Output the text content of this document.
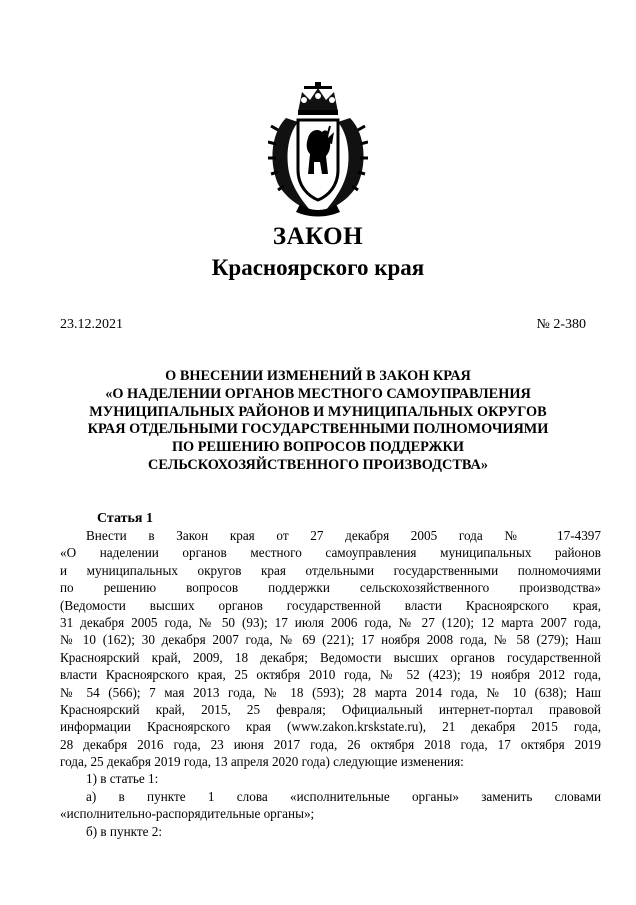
ЗАКОН
Красноярского края
23.12.2021	№ 2-380
О ВНЕСЕНИИ ИЗМЕНЕНИЙ В ЗАКОН КРАЯ
«О НАДЕЛЕНИИ ОРГАНОВ МЕСТНОГО САМОУПРАВЛЕНИЯ
МУНИЦИПАЛЬНЫХ РАЙОНОВ И МУНИЦИПАЛЬНЫХ ОКРУГОВ
КРАЯ ОТДЕЛЬНЫМИ ГОСУДАРСТВЕННЫМИ ПОЛНОМОЧИЯМИ
ПО РЕШЕНИЮ ВОПРОСОВ ПОДДЕРЖКИ
СЕЛЬСКОХОЗЯЙСТВЕННОГО ПРОИЗВОДСТВА»
Статья 1
Внести в Закон края от 27 декабря 2005 года № 17-4397
«О наделении органов местного самоуправления муниципальных районов
и муниципальных округов края отдельными государственными полномочиями
по решению вопросов поддержки сельскохозяйственного производства»
(Ведомости высших органов государственной власти Красноярского края,
31 декабря 2005 года, № 50 (93); 17 июля 2006 года, № 27 (120); 12 марта 2007 года,
№ 10 (162); 30 декабря 2007 года, № 69 (221); 17 ноября 2008 года, № 58 (279); Наш
Красноярский край, 2009, 18 декабря; Ведомости высших органов государственной
власти Красноярского края, 25 октября 2010 года, № 52 (423); 19 ноября 2012 года,
№ 54 (566); 7 мая 2013 года, № 18 (593); 28 марта 2014 года, № 10 (638); Наш
Красноярский край, 2015, 25 февраля; Официальный интернет-портал правовой
информации Красноярского края (www.zakon.krskstate.ru), 21 декабря 2015 года,
28 декабря 2016 года, 23 июня 2017 года, 26 октября 2018 года, 17 октября 2019
года, 25 декабря 2019 года, 13 апреля 2020 года) следующие изменения:
1) в статье 1:
а) в пункте 1 слова «исполнительные органы» заменить словами
«исполнительно-распорядительные органы»;
б) в пункте 2:
